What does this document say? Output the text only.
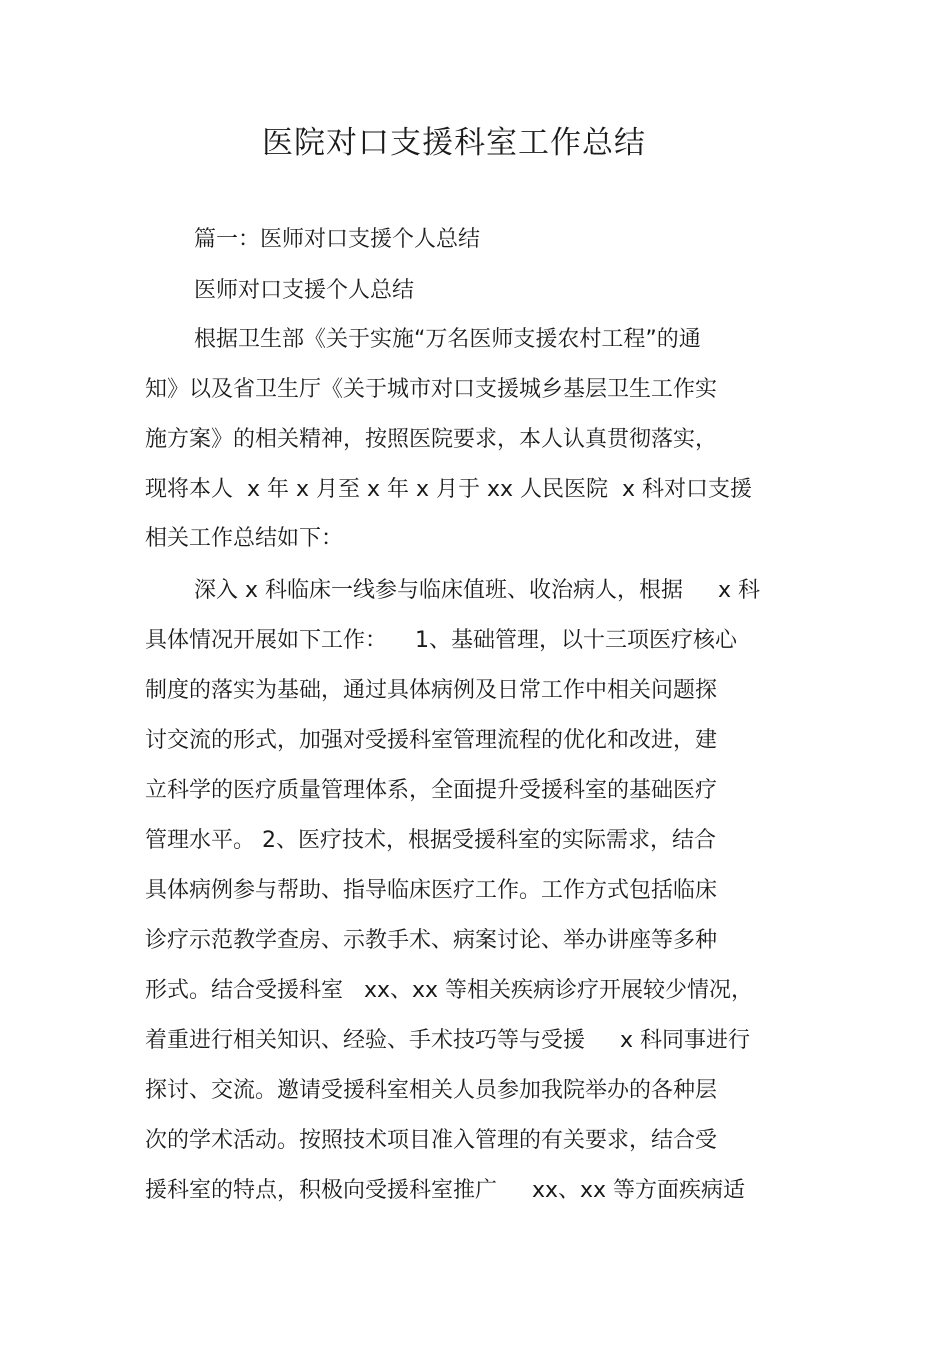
医院对口支援科室工作总结
篇一：医师对口支援个人总结
医师对口支援个人总结
根据卫生部《关于实施“万名医师支援农村工程”的通
知》以及省卫生厅《关于城市对口支援城乡基层卫生工作实
施方案》的相关精神，按照医院要求，本人认真贯彻落实，
现将本人  x 年 x 月至 x 年 x 月于 xx 人民医院  x 科对口支援
相关工作总结如下：
深入 x 科临床一线参与临床值班、收治病人，根据     x 科
具体情况开展如下工作：    1、基础管理，以十三项医疗核心
制度的落实为基础，通过具体病例及日常工作中相关问题探
讨交流的形式，加强对受援科室管理流程的优化和改进，建
立科学的医疗质量管理体系，全面提升受援科室的基础医疗
管理水平。 2、医疗技术，根据受援科室的实际需求，结合
具体病例参与帮助、指导临床医疗工作。工作方式包括临床
诊疗示范教学查房、示教手术、病案讨论、举办讲座等多种
形式。结合受援科室   xx、xx 等相关疾病诊疗开展较少情况，
着重进行相关知识、经验、手术技巧等与受援     x 科同事进行
探讨、交流。邀请受援科室相关人员参加我院举办的各种层
次的学术活动。按照技术项目准入管理的有关要求，结合受
援科室的特点，积极向受援科室推广     xx、xx 等方面疾病适
